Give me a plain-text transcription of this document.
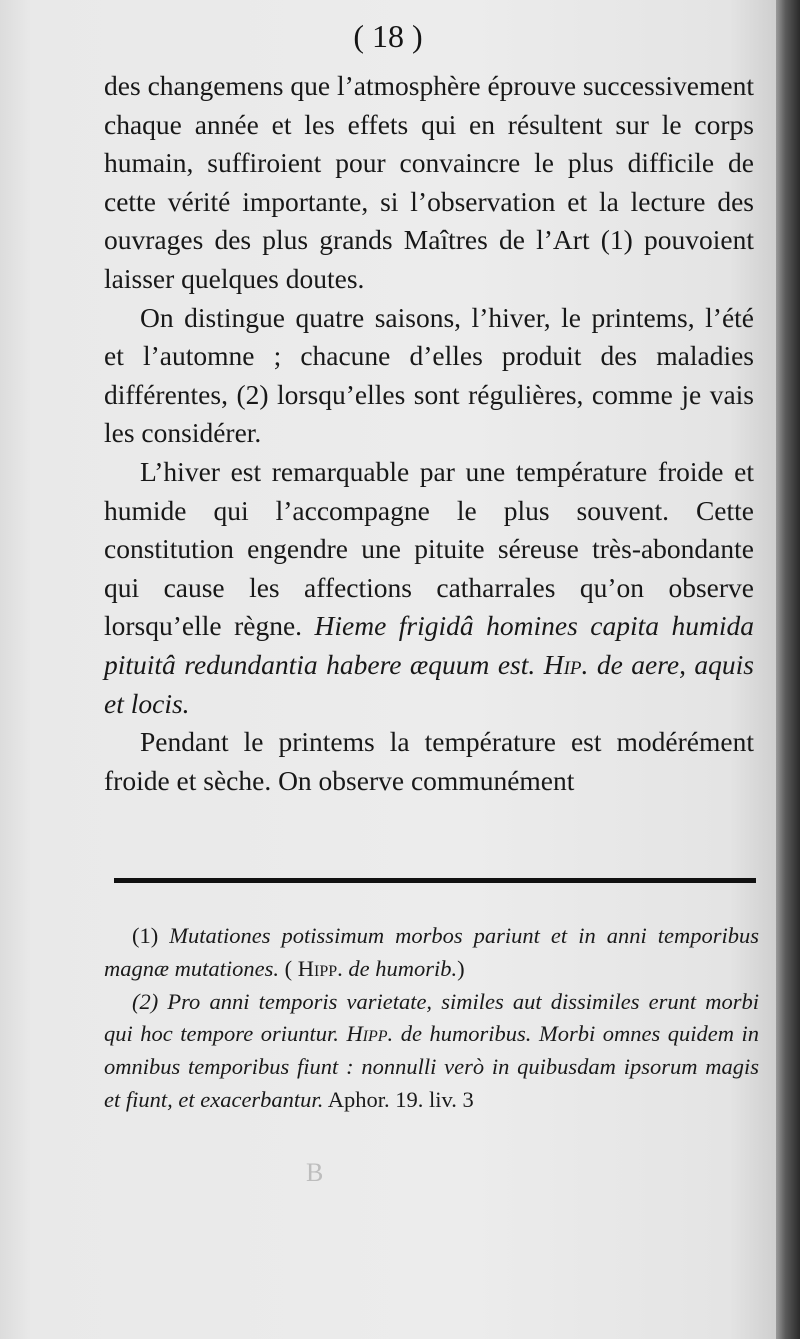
( 18 )

des changemens que l’atmosphère éprouve successivement chaque année et les effets qui en résultent sur le corps humain, suffiroient pour convaincre le plus difficile de cette vérité importante, si l’observation et la lecture des ouvrages des plus grands Maîtres de l’Art (1) pouvoient laisser quelques doutes.

On distingue quatre saisons, l’hiver, le printems, l’été et l’automne ; chacune d’elles produit des maladies différentes, (2) lorsqu’elles sont régulières, comme je vais les considérer.

L’hiver est remarquable par une température froide et humide qui l’accompagne le plus souvent. Cette constitution engendre une pituite séreuse très-abondante qui cause les affections catharrales qu’on observe lorsqu’elle règne. Hieme frigidâ homines capita humida pituitâ redundantia habere æquum est. Hip. de aere, aquis et locis.

Pendant le printems la température est modérément froide et sèche. On observe communément

(1) Mutationes potissimum morbos pariunt et in anni temporibus magnæ mutationes. ( Hipp. de humorib.)

(2) Pro anni temporis varietate, similes aut dissimiles erunt morbi qui hoc tempore oriuntur. Hipp. de humoribus. Morbi omnes quidem in omnibus temporibus fiunt : nonnulli verò in quibusdam ipsorum magis et fiunt, et exacerbantur. Aphor. 19. liv. 3

B
